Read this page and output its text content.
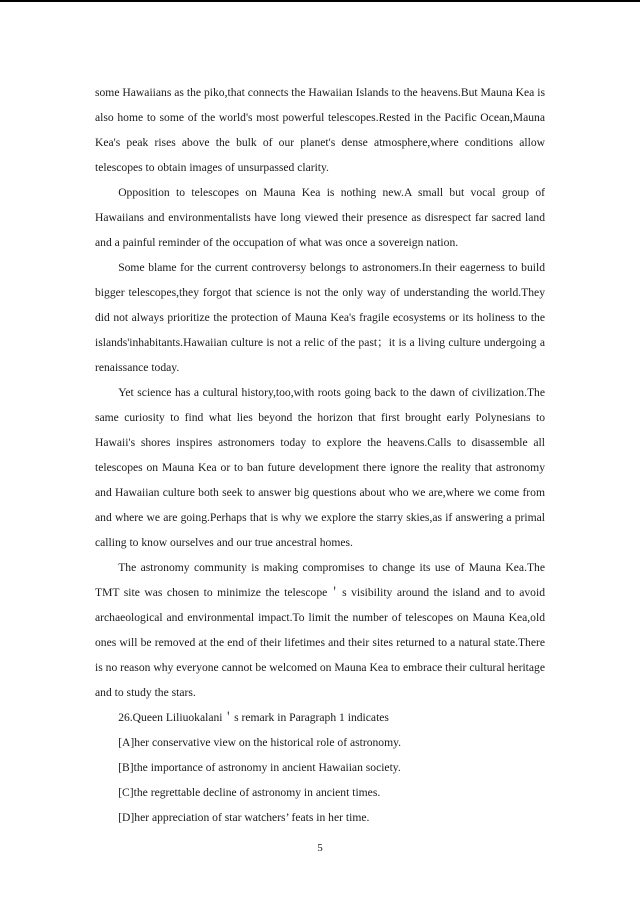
some Hawaiians as the piko,that connects the Hawaiian Islands to the heavens.But Mauna Kea is also home to some of the world's most powerful telescopes.Rested in the Pacific Ocean,Mauna Kea's peak rises above the bulk of our planet's dense atmosphere,where conditions allow telescopes to obtain images of unsurpassed clarity.

Opposition to telescopes on Mauna Kea is nothing new.A small but vocal group of Hawaiians and environmentalists have long viewed their presence as disrespect far sacred land and a painful reminder of the occupation of what was once a sovereign nation.

Some blame for the current controversy belongs to astronomers.In their eagerness to build bigger telescopes,they forgot that science is not the only way of understanding the world.They did not always prioritize the protection of Mauna Kea's fragile ecosystems or its holiness to the islands'inhabitants.Hawaiian culture is not a relic of the past；it is a living culture undergoing a renaissance today.

Yet science has a cultural history,too,with roots going back to the dawn of civilization.The same curiosity to find what lies beyond the horizon that first brought early Polynesians to Hawaii's shores inspires astronomers today to explore the heavens.Calls to disassemble all telescopes on Mauna Kea or to ban future development there ignore the reality that astronomy and Hawaiian culture both seek to answer big questions about who we are,where we come from and where we are going.Perhaps that is why we explore the starry skies,as if answering a primal calling to know ourselves and our true ancestral homes.

The astronomy community is making compromises to change its use of Mauna Kea.The TMT site was chosen to minimize the telescope＇s visibility around the island and to avoid archaeological and environmental impact.To limit the number of telescopes on Mauna Kea,old ones will be removed at the end of their lifetimes and their sites returned to a natural state.There is no reason why everyone cannot be welcomed on Mauna Kea to embrace their cultural heritage and to study the stars.

26.Queen Liliuokalani＇s remark in Paragraph 1 indicates

[A]her conservative view on the historical role of astronomy.

[B]the importance of astronomy in ancient Hawaiian society.

[C]the regrettable decline of astronomy in ancient times.

[D]her appreciation of star watchers’ feats in her time.

5
